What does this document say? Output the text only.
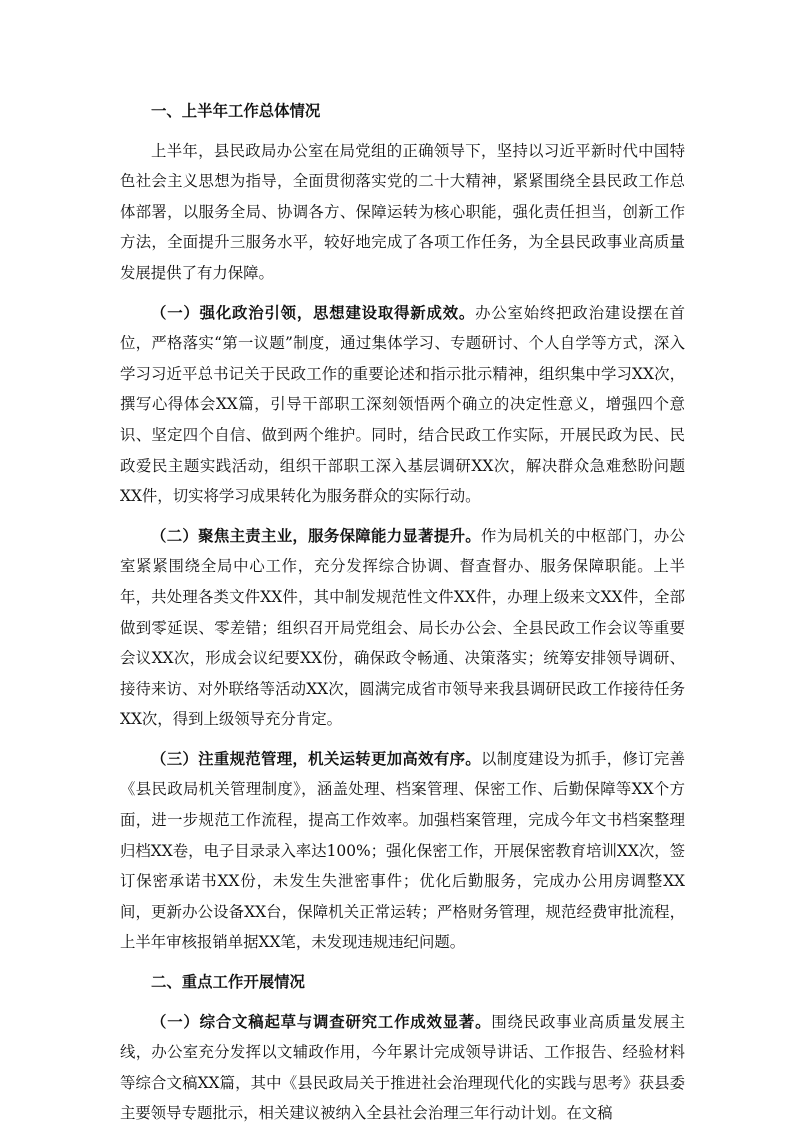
一、上半年工作总体情况

上半年，县民政局办公室在局党组的正确领导下，坚持以习近平新时代中国特色社会主义思想为指导，全面贯彻落实党的二十大精神，紧紧围绕全县民政工作总体部署，以服务全局、协调各方、保障运转为核心职能，强化责任担当，创新工作方法，全面提升三服务水平，较好地完成了各项工作任务，为全县民政事业高质量发展提供了有力保障。

（一）强化政治引领，思想建设取得新成效。办公室始终把政治建设摆在首位，严格落实“第一议题”制度，通过集体学习、专题研讨、个人自学等方式，深入学习习近平总书记关于民政工作的重要论述和指示批示精神，组织集中学习XX次，撰写心得体会XX篇，引导干部职工深刻领悟两个确立的决定性意义，增强四个意识、坚定四个自信、做到两个维护。同时，结合民政工作实际，开展民政为民、民政爱民主题实践活动，组织干部职工深入基层调研XX次，解决群众急难愁盼问题XX件，切实将学习成果转化为服务群众的实际行动。

（二）聚焦主责主业，服务保障能力显著提升。作为局机关的中枢部门，办公室紧紧围绕全局中心工作，充分发挥综合协调、督查督办、服务保障职能。上半年，共处理各类文件XX件，其中制发规范性文件XX件，办理上级来文XX件，全部做到零延误、零差错；组织召开局党组会、局长办公会、全县民政工作会议等重要会议XX次，形成会议纪要XX份，确保政令畅通、决策落实；统筹安排领导调研、接待来访、对外联络等活动XX次，圆满完成省市领导来我县调研民政工作接待任务XX次，得到上级领导充分肯定。

（三）注重规范管理，机关运转更加高效有序。以制度建设为抓手，修订完善《县民政局机关管理制度》，涵盖处理、档案管理、保密工作、后勤保障等XX个方面，进一步规范工作流程，提高工作效率。加强档案管理，完成今年文书档案整理归档XX卷，电子目录录入率达100%；强化保密工作，开展保密教育培训XX次，签订保密承诺书XX份，未发生失泄密事件；优化后勤服务，完成办公用房调整XX间，更新办公设备XX台，保障机关正常运转；严格财务管理，规范经费审批流程，上半年审核报销单据XX笔，未发现违规违纪问题。

二、重点工作开展情况

（一）综合文稿起草与调查研究工作成效显著。围绕民政事业高质量发展主线，办公室充分发挥以文辅政作用，今年累计完成领导讲话、工作报告、经验材料等综合文稿XX篇，其中《县民政局关于推进社会治理现代化的实践与思考》获县委主要领导专题批示，相关建议被纳入全县社会治理三年行动计划。在文稿
